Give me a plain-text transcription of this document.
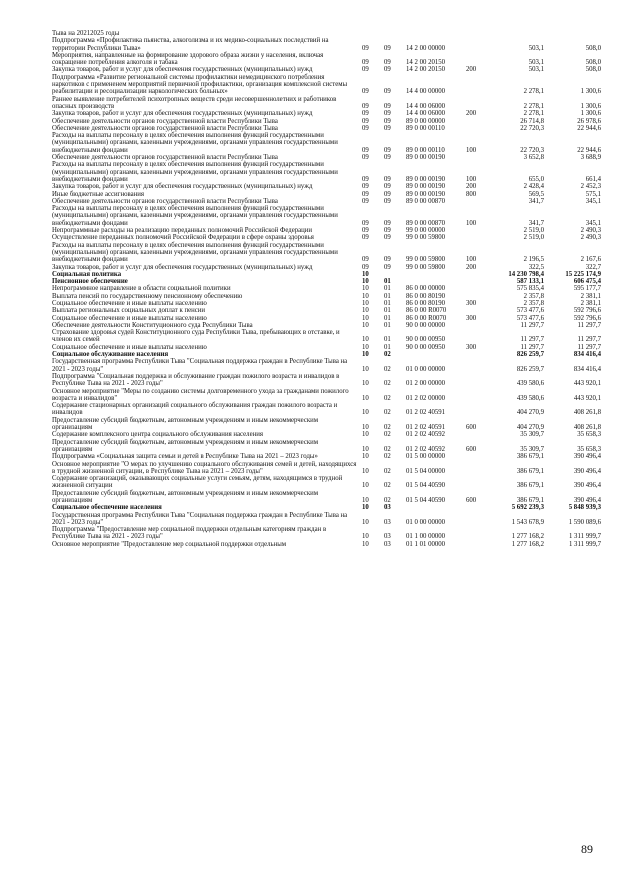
Тыва на 20212025 годы						
Подпрограмма «Профилактика пьянства, алкоголизма и их медико-социальных последствий на территории Республики Тыва»	09	09	14 2 00 00000		503,1	508,0
Мероприятия, направленные на формирование здорового образа жизни у населения, включая сокращение потребления алкоголя и табака	09	09	14 2 00 20150		503,1	508,0
Закупка товаров, работ и услуг для обеспечения государственных (муниципальных) нужд	09	09	14 2 00 20150	200	503,1	508,0
Подпрограмма «Развитие региональной системы профилактики немедицинского потребления наркотиков с примененем мероприятий первичной профилактики, организация комплексной системы реабилитации и ресоциализации наркологических больных»	09	09	14 4 00 00000		2 278,1	1 300,6
Раннее выявление потребителей психотропных веществ среди несовершеннолетних и работников опасных производств	09	09	14 4 00 06000		2 278,1	1 300,6
Закупка товаров, работ и услуг для обеспечения государственных (муниципальных) нужд	09	09	14 4 00 06000	200	2 278,1	1 300,6
Обеспечение деятельности органов государственной власти Республики Тыва	09	09	89 0 00 00000		26 714,8	26 978,6
Обеспечение деятельности органов государственной власти Республики Тыва	09	09	89 0 00 00110		22 720,3	22 944,6
Расходы на выплаты персоналу в целях обеспечения выполнения функций государственными (муниципальными) органами, казенными учреждениями, органами управления государственными внебюджетными фондами	09	09	89 0 00 00110	100	22 720,3	22 944,6
Обеспечение деятельности органов государственной власти Республики Тыва	09	09	89 0 00 00190		3 652,8	3 688,9
Расходы на выплаты персоналу в целях обеспечения выполнения функций государственными (муниципальными) органами, казенными учреждениями, органами управления государственными внебюджетными фондами	09	09	89 0 00 00190	100	655,0	661,4
Закупка товаров, работ и услуг для обеспечения государственных (муниципальных) нужд	09	09	89 0 00 00190	200	2 428,4	2 452,3
Иные бюджетные ассигнования	09	09	89 0 00 00190	800	569,5	575,1
Обеспечение деятельности органов государственной власти Республики Тыва	09	09	89 0 00 00870		341,7	345,1
Расходы на выплаты персоналу в целях обеспечения выполнения функций государственными (муниципальными) органами, казенными учреждениями, органами управления государственными внебюджетными фондами	09	09	89 0 00 00870	100	341,7	345,1
Непрограммные расходы на реализацию переданных полномочий Российской Федерации	09	09	99 0 00 00000		2 519,0	2 490,3
Осуществление переданных полномочий Российской Федерации в сфере охраны здоровья	09	09	99 0 00 59800		2 519,0	2 490,3
Расходы на выплаты персоналу в целях обеспечения выполнения функций государственными (муниципальными) органами, казенными учреждениями, органами управления государственными внебюджетными фондами	09	09	99 0 00 59800	100	2 196,5	2 167,6
Закупка товаров, работ и услуг для обеспечения государственных (муниципальных) нужд	09	09	99 0 00 59800	200	322,5	322,7
Социальная политика	10				14 230 798,4	15 225 174,9
Пенсионное обеспечение	10	01			587 133,1	606 475,4
Непрограммное направление в области социальной политики	10	01	86 0 00 00000		575 835,4	595 177,7
Выплата пенсий по государственному пенсионному обеспечению	10	01	86 0 00 80190		2 357,8	2 381,1
Социальное обеспечение и иные выплаты населению	10	01	86 0 00 80190	300	2 357,8	2 381,1
Выплата региональных социальных доплат к пенсии	10	01	86 0 00 R0070		573 477,6	592 796,6
Социальное обеспечение и иные выплаты населению	10	01	86 0 00 R0070	300	573 477,6	592 796,6
Обеспечение деятельности Конституционного суда Республики Тыва	10	01	90 0 00 00000		11 297,7	11 297,7
Страхование здоровья судей Конституционного суда Республики Тыва, пребывающих в отставке, и членов их семей	10	01	90 0 00 00950		11 297,7	11 297,7
Социальное обеспечение и иные выплаты населению	10	01	90 0 00 00950	300	11 297,7	11 297,7
Социальное обслуживание населения	10	02			826 259,7	834 416,4
Государственная программа Республики Тыва "Социальная поддержка граждан в Республике Тыва на 2021 - 2023 годы"	10	02	01 0 00 00000		826 259,7	834 416,4
Подпрограмма "Социальная поддержка и обслуживание граждан пожилого возраста и инвалидов в Республике Тыва на 2021 - 2023 годы"	10	02	01 2 00 00000		439 580,6	443 920,1
Основное мероприятие "Меры по созданию системы долговременного ухода за гражданами пожилого возраста и инвалидов"	10	02	01 2 02 00000		439 580,6	443 920,1
Содержание стационарных организаций социального обслуживания граждан пожилого возраста и инвалидов	10	02	01 2 02 40591		404 270,9	408 261,8
Предоставление субсидий бюджетным, автономным учреждениям и иным некоммерческим организациям	10	02	01 2 02 40591	600	404 270,9	408 261,8
Содержание комплексного центра социального обслуживания населения	10	02	01 2 02 40592		35 309,7	35 658,3
Предоставление субсидий бюджетным, автономным учреждениям и иным некоммерческим организациям	10	02	01 2 02 40592	600	35 309,7	35 658,3
Подпрограмма «Социальная защита семьи и детей в Республике Тыва на 2021 – 2023 годы»	10	02	01 5 00 00000		386 679,1	390 496,4
Основное мероприятие "О мерах по улучшению социального обслуживания семей и детей, находящихся в трудной жизненной ситуации, в Республике Тыва на 2021 – 2023 годы"	10	02	01 5 04 00000		386 679,1	390 496,4
Содержание организаций, оказывающих социальные услуги семьям, детям, находящимся в трудной жизненной ситуации	10	02	01 5 04 40590		386 679,1	390 496,4
Предоставление субсидий бюджетным, автономным учреждениям и иным некоммерческим организациям	10	02	01 5 04 40590	600	386 679,1	390 496,4
Социальное обеспечение населения	10	03			5 692 239,3	5 848 939,3
Государственная программа Республики Тыва "Социальная поддержка граждан в Республике Тыва на 2021 - 2023 годы"	10	03	01 0 00 00000		1 543 678,9	1 590 089,6
Подпрограмма "Предоставление мер социальной поддержки отдельным категориям граждан в Республике Тыва на 2021 - 2023 годы"	10	03	01 1 00 00000		1 277 168,2	1 311 999,7
Основное мероприятие "Предоставление мер социальной поддержки отдельным	10	03	01 1 01 00000		1 277 168,2	1 311 999,7
89
